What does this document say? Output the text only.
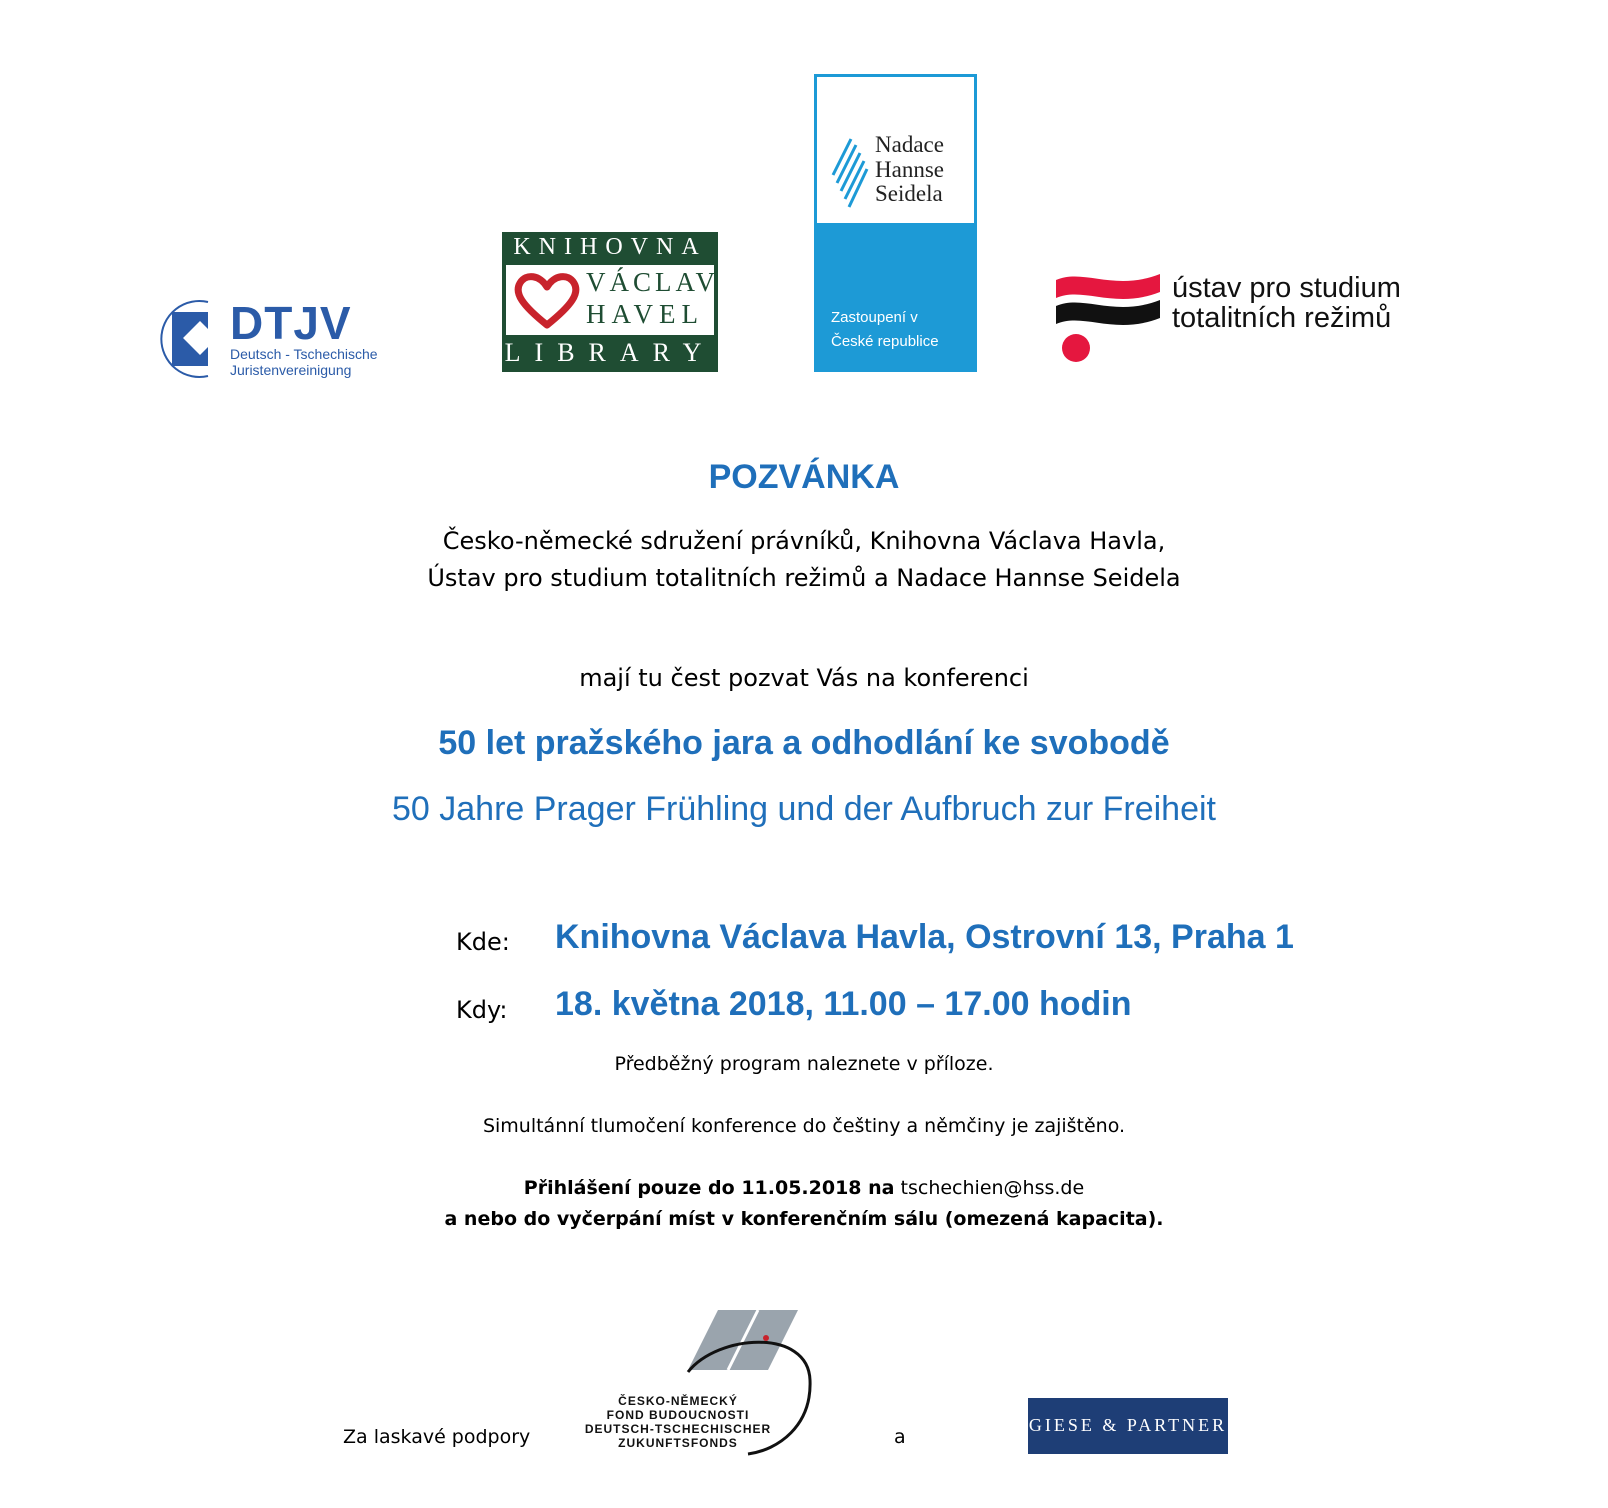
DTJV
Deutsch - Tschechische
Juristenvereinigung
KNIHOVNA
VÁCLAV
HAVEL
LIBRARY
Nadace
Hannse
Seidela
Zastoupení v
České republice
ústav pro studium
totalitních režimů
POZVÁNKA
Česko-německé sdružení právníků, Knihovna Václava Havla,
Ústav pro studium totalitních režimů a Nadace Hannse Seidela
mají tu čest pozvat Vás na konferenci
50 let pražského jara a odhodlání ke svobodě
50 Jahre Prager Frühling und der Aufbruch zur Freiheit
Kde: Knihovna Václava Havla, Ostrovní 13, Praha 1
Kdy: 18. května 2018, 11.00 – 17.00 hodin
Předběžný program naleznete v příloze.
Simultánní tlumočení konference do češtiny a němčiny je zajištěno.
Přihlášení pouze do 11.05.2018 na tschechien@hss.de
a nebo do vyčerpání míst v konferenčním sálu (omezená kapacita).
Za laskavé podpory
ČESKO-NĚMECKÝ
FOND BUDOUCNOSTI
DEUTSCH-TSCHECHISCHER
ZUKUNFTSFONDS	a
GIESE & PARTNER
